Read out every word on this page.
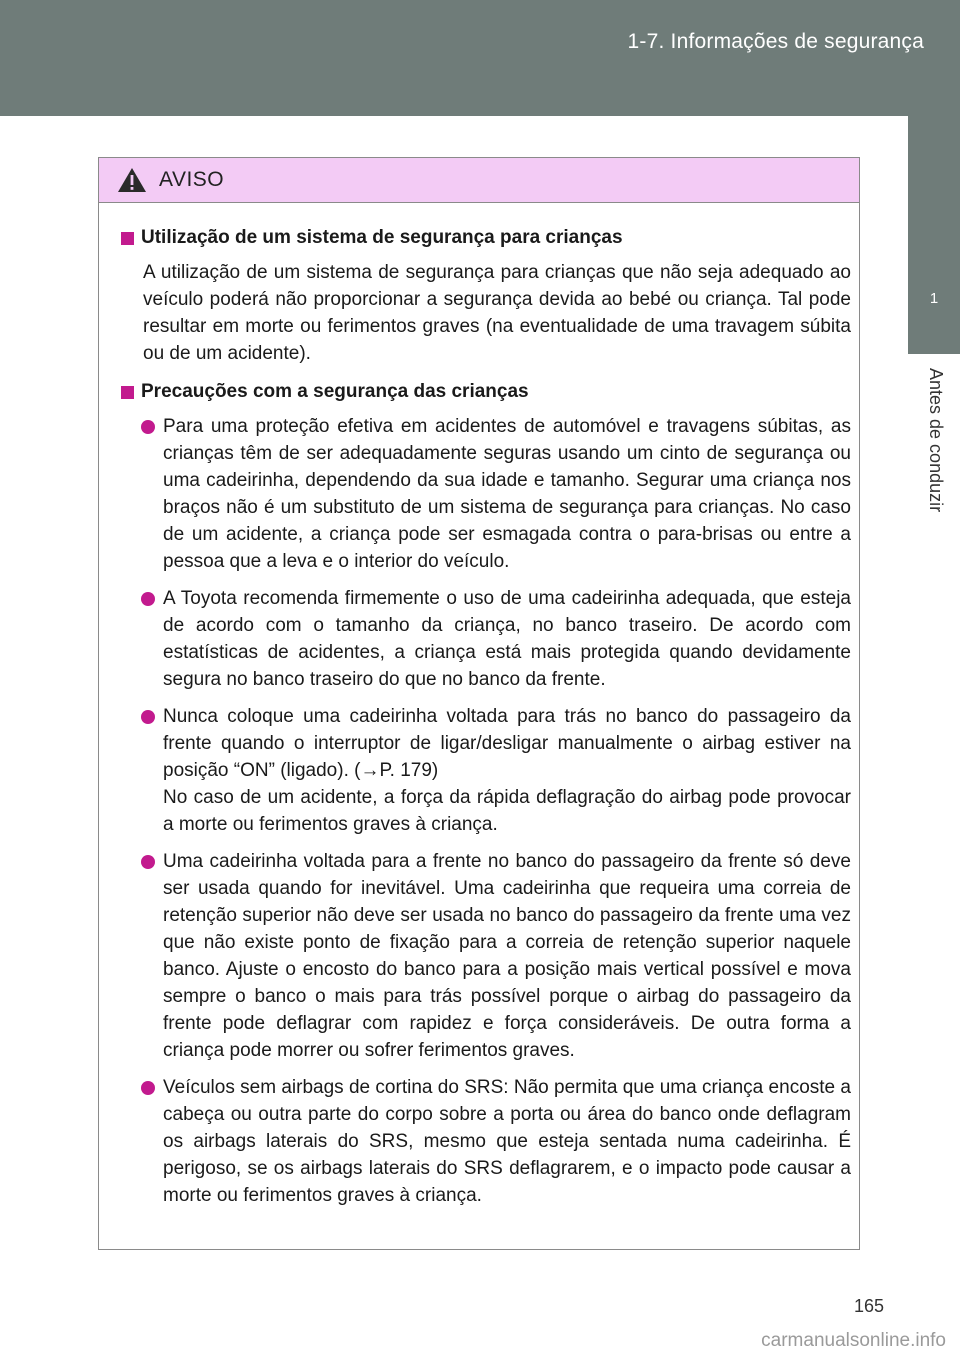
1-7. Informações de segurança
1
Antes de conduzir
AVISO
Utilização de um sistema de segurança para crianças

A utilização de um sistema de segurança para crianças que não seja adequado ao veículo poderá não proporcionar a segurança devida ao bebé ou criança. Tal pode resultar em morte ou ferimentos graves (na eventualidade de uma travagem súbita ou de um acidente).

Precauções com a segurança das crianças
Para uma proteção efetiva em acidentes de automóvel e travagens súbitas, as crianças têm de ser adequadamente seguras usando um cinto de segurança ou uma cadeirinha, dependendo da sua idade e tamanho. Segurar uma criança nos braços não é um substituto de um sistema de segurança para crianças. No caso de um acidente, a criança pode ser esmagada contra o para-brisas ou entre a pessoa que a leva e o interior do veículo.
A Toyota recomenda firmemente o uso de uma cadeirinha adequada, que esteja de acordo com o tamanho da criança, no banco traseiro. De acordo com estatísticas de acidentes, a criança está mais protegida quando devidamente segura no banco traseiro do que no banco da frente.
Nunca coloque uma cadeirinha voltada para trás no banco do passageiro da frente quando o interruptor de ligar/desligar manualmente o airbag estiver na posição “ON” (ligado). (→P. 179)
No caso de um acidente, a força da rápida deflagração do airbag pode provocar a morte ou ferimentos graves à criança.
Uma cadeirinha voltada para a frente no banco do passageiro da frente só deve ser usada quando for inevitável. Uma cadeirinha que requeira uma correia de retenção superior não deve ser usada no banco do passageiro da frente uma vez que não existe ponto de fixação para a correia de retenção superior naquele banco. Ajuste o encosto do banco para a posição mais vertical possível e mova sempre o banco o mais para trás possível porque o airbag do passageiro da frente pode deflagrar com rapidez e força consideráveis. De outra forma a criança pode morrer ou sofrer ferimentos graves.
Veículos sem airbags de cortina do SRS: Não permita que uma criança encoste a cabeça ou outra parte do corpo sobre a porta ou área do banco onde deflagram os airbags laterais do SRS, mesmo que esteja sentada numa cadeirinha. É perigoso, se os airbags laterais do SRS deflagrarem, e o impacto pode causar a morte ou ferimentos graves à criança.
165
carmanualsonline.info
